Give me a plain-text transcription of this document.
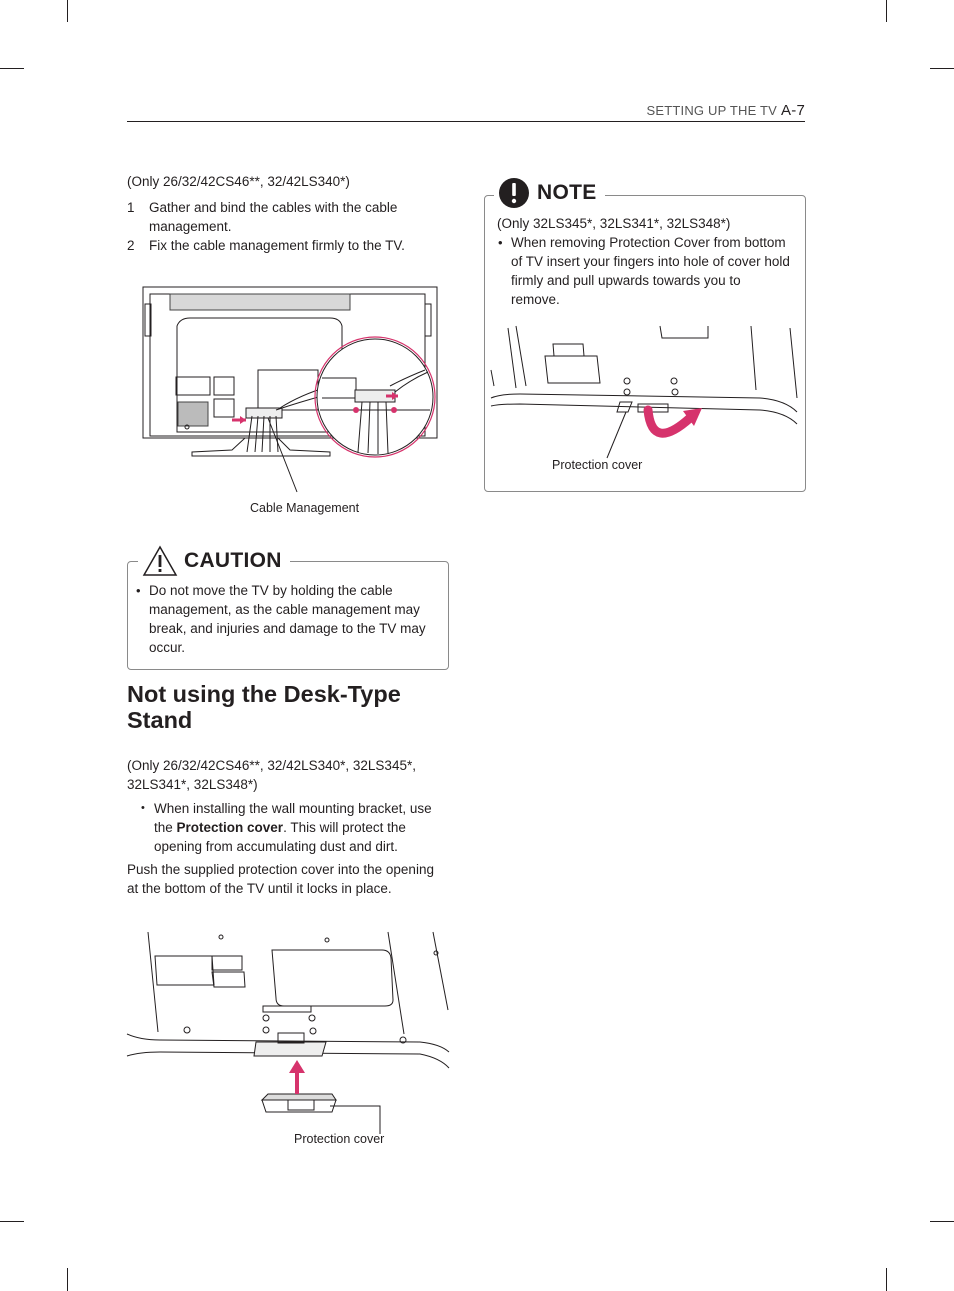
SETTING UP THE TV A-7
(Only 26/32/42CS46**, 32/42LS340*)
1 Gather and bind the cables with the cable management.
2 Fix the cable management firmly to the TV.
Cable Management
CAUTION
• Do not move the TV by holding the cable management, as the cable management may break, and injuries and damage to the TV may occur.
Not using the Desk-Type Stand
(Only 26/32/42CS46**, 32/42LS340*, 32LS345*, 32LS341*, 32LS348*)
• When installing the wall mounting bracket, use the Protection cover. This will protect the opening from accumulating dust and dirt.
Push the supplied protection cover into the opening at the bottom of the TV until it locks in place.
Protection cover
NOTE
(Only 32LS345*, 32LS341*, 32LS348*)
• When removing Protection Cover from bottom of TV insert your fingers into hole of cover hold firmly and pull upwards towards you to remove.
Protection cover
